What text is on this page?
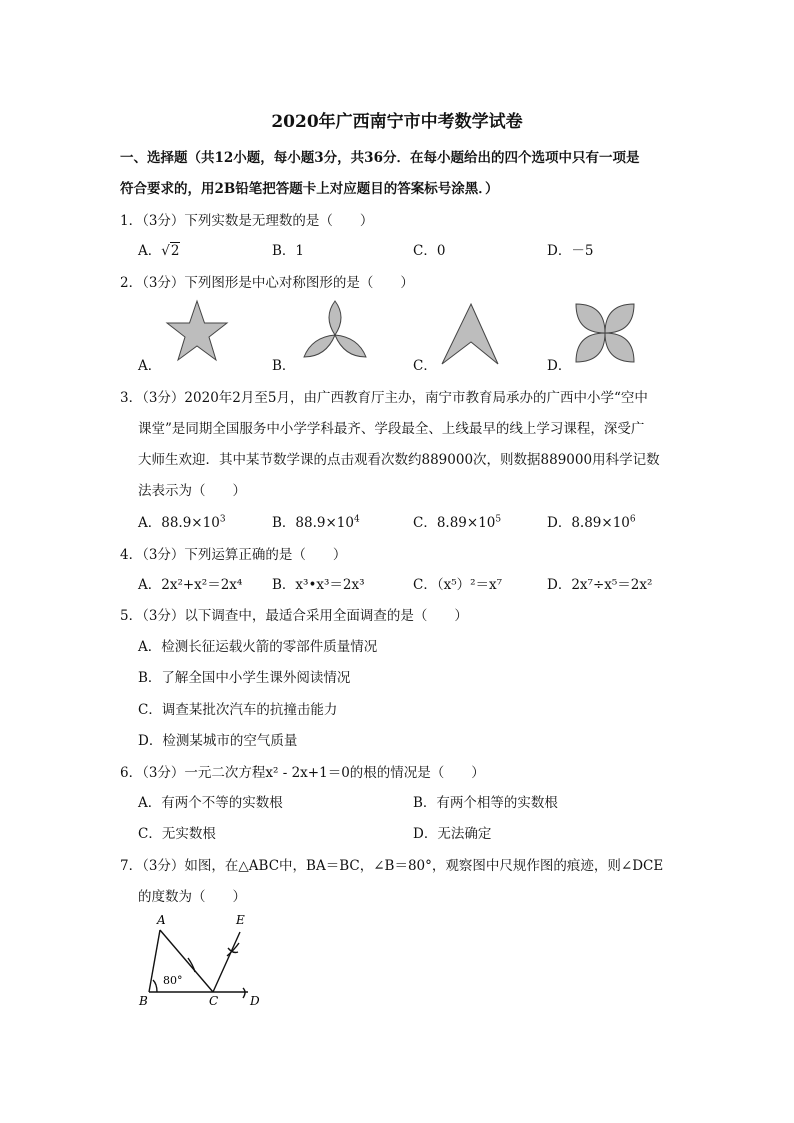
2020年广西南宁市中考数学试卷
一、选择题（共12小题，每小题3分，共36分．在每小题给出的四个选项中只有一项是
符合要求的，用2B铅笔把答题卡上对应题目的答案标号涂黑．）
1．（3分）下列实数是无理数的是（　　）
A．√2	B．1	C．0	D．－5
2．（3分）下列图形是中心对称图形的是（　　）
A．	B．	C．	D．
3．（3分）2020年2月至5月，由广西教育厅主办，南宁市教育局承办的广西中小学“空中
课堂”是同期全国服务中小学学科最齐、学段最全、上线最早的线上学习课程，深受广
大师生欢迎．其中某节数学课的点击观看次数约889000次，则数据889000用科学记数
法表示为（　　）
A．$88.9\times 10^3$	B．$88.9\times 10^4$	C．$8.89\times 10^5$	D．$8.89\times 10^6$
4．（3分）下列运算正确的是（　　）
A．2x²+x²＝2x⁴ B．x³•x³＝2x³	C．（x⁵）²＝x⁷	D．2x⁷÷x⁵＝2x²
5．（3分）以下调查中，最适合采用全面调查的是（　　）
A．检测长征运载火箭的零部件质量情况
B．了解全国中小学生课外阅读情况
C．调查某批次汽车的抗撞击能力
D．检测某城市的空气质量
6．（3分）一元二次方程x² - 2x+1＝0的根的情况是（　　）
A．有两个不等的实数根	B．有两个相等的实数根
C．无实数根	D．无法确定
7．（3分）如图，在△ABC中，BA＝BC，∠B＝80°，观察图中尺规作图的痕迹，则∠DCE
的度数为（　　）
A
B	C	D
E
80°
